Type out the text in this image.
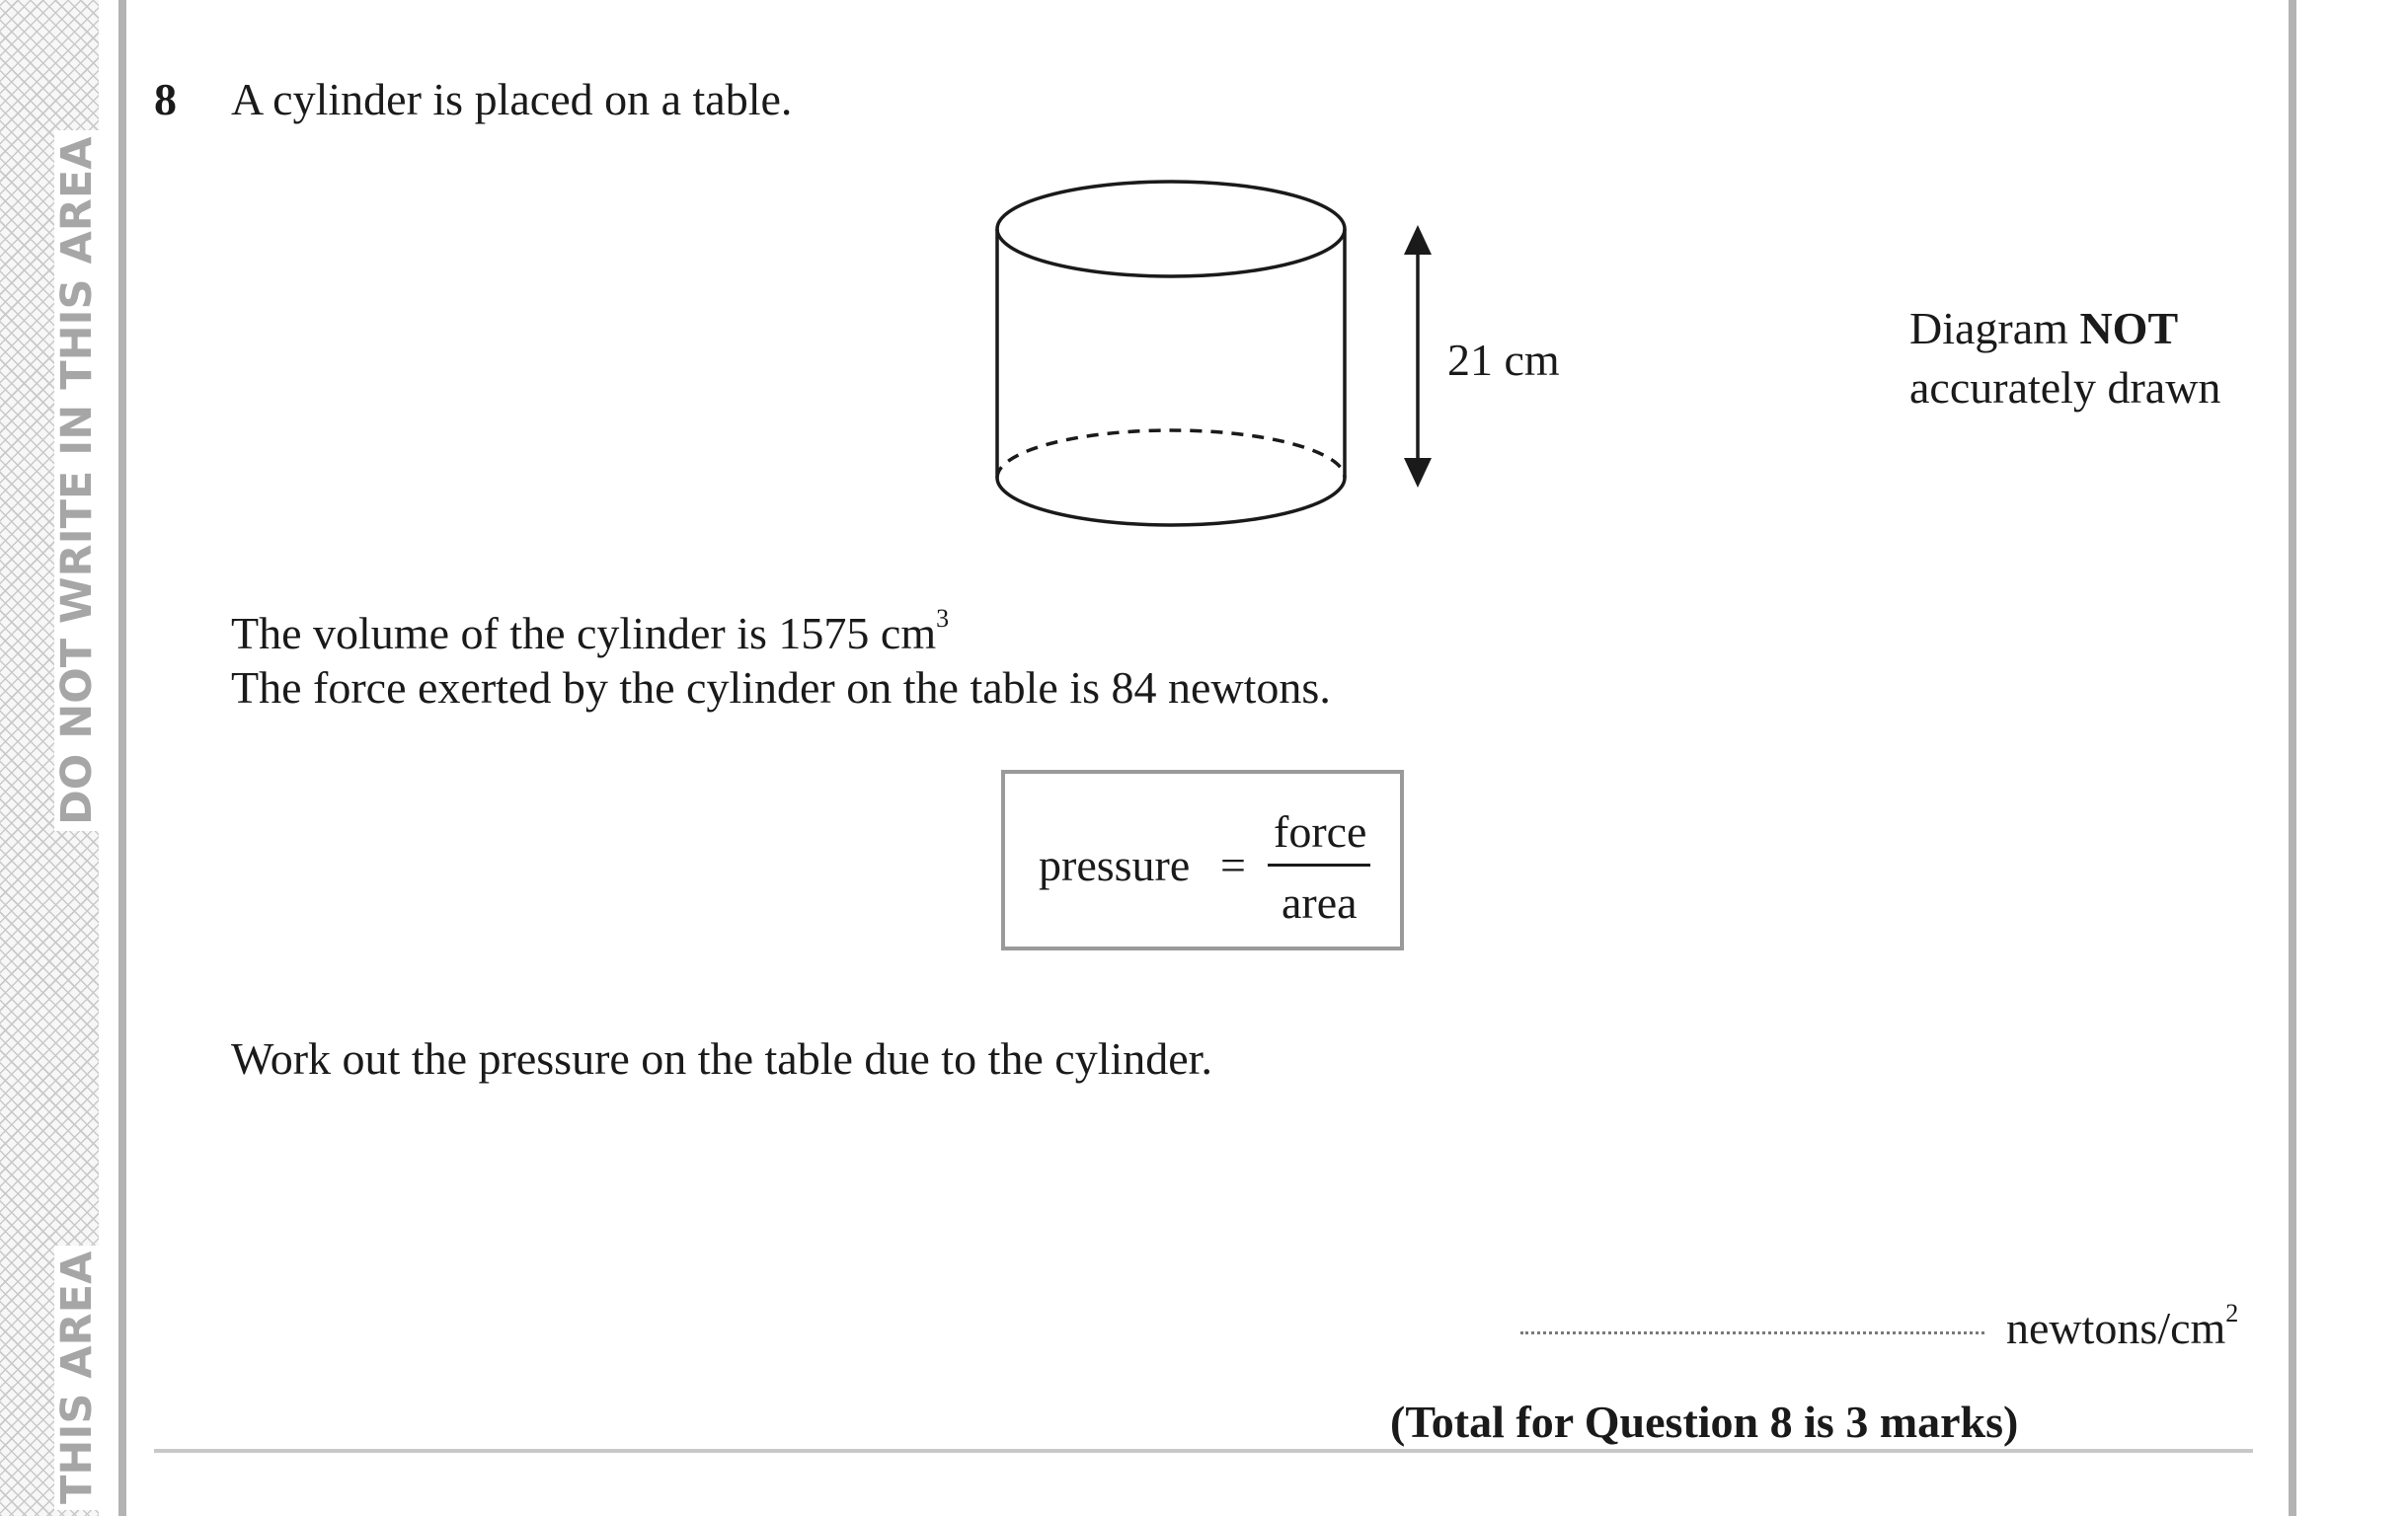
DO NOT WRITE IN THIS AREA
THIS AREA
8 A cylinder is placed on a table.
21 cm
Diagram NOT
accurately drawn
The volume of the cylinder is 1575 $cm^3$
The force exerted by the cylinder on the table is 84 newtons.
pressure =
force
area
Work out the pressure on the table due to the cylinder.
newtons/$cm^2$
(Total for Question 8 is 3 marks)
